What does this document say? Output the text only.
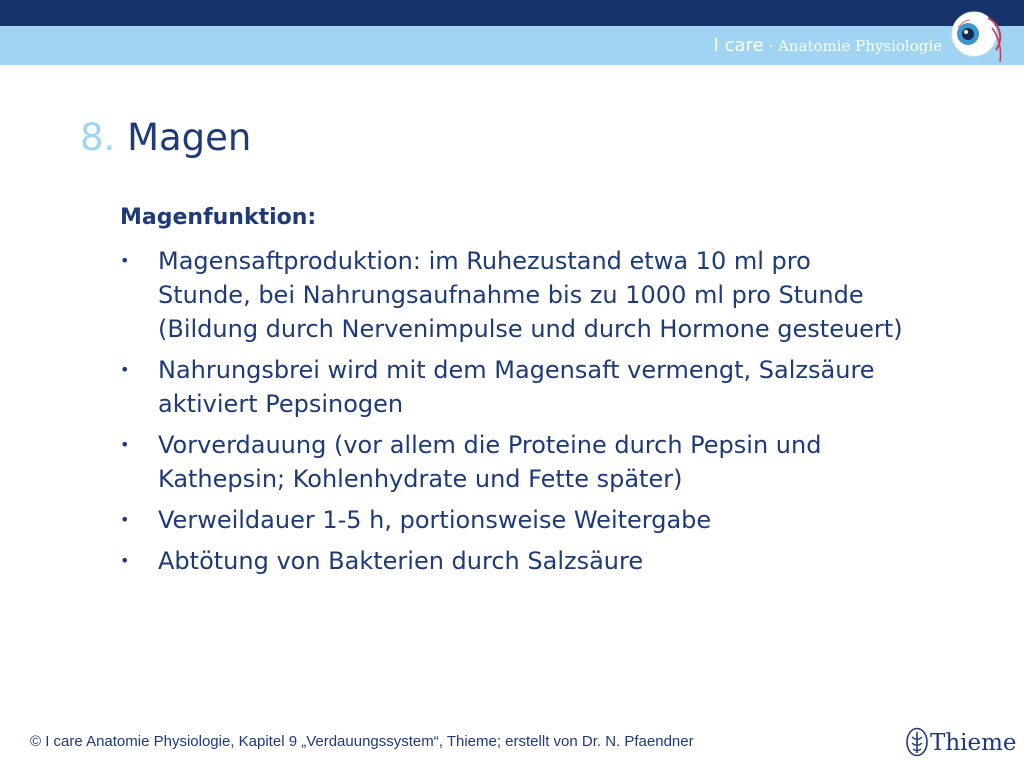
I care · Anatomie Physiologie
8. Magen
Magenfunktion:
• Magensaftproduktion: im Ruhezustand etwa 10 ml pro Stunde, bei Nahrungsaufnahme bis zu 1000 ml pro Stunde (Bildung durch Nervenimpulse und durch Hormone gesteuert)
• Nahrungsbrei wird mit dem Magensaft vermengt, Salzsäure aktiviert Pepsinogen
• Vorverdauung (vor allem die Proteine durch Pepsin und Kathepsin; Kohlenhydrate und Fette später)
• Verweildauer 1-5 h, portionsweise Weitergabe
• Abtötung von Bakterien durch Salzsäure
© I care Anatomie Physiologie, Kapitel 9 „Verdauungssystem“, Thieme; erstellt von Dr. N. Pfaendner	Thieme
